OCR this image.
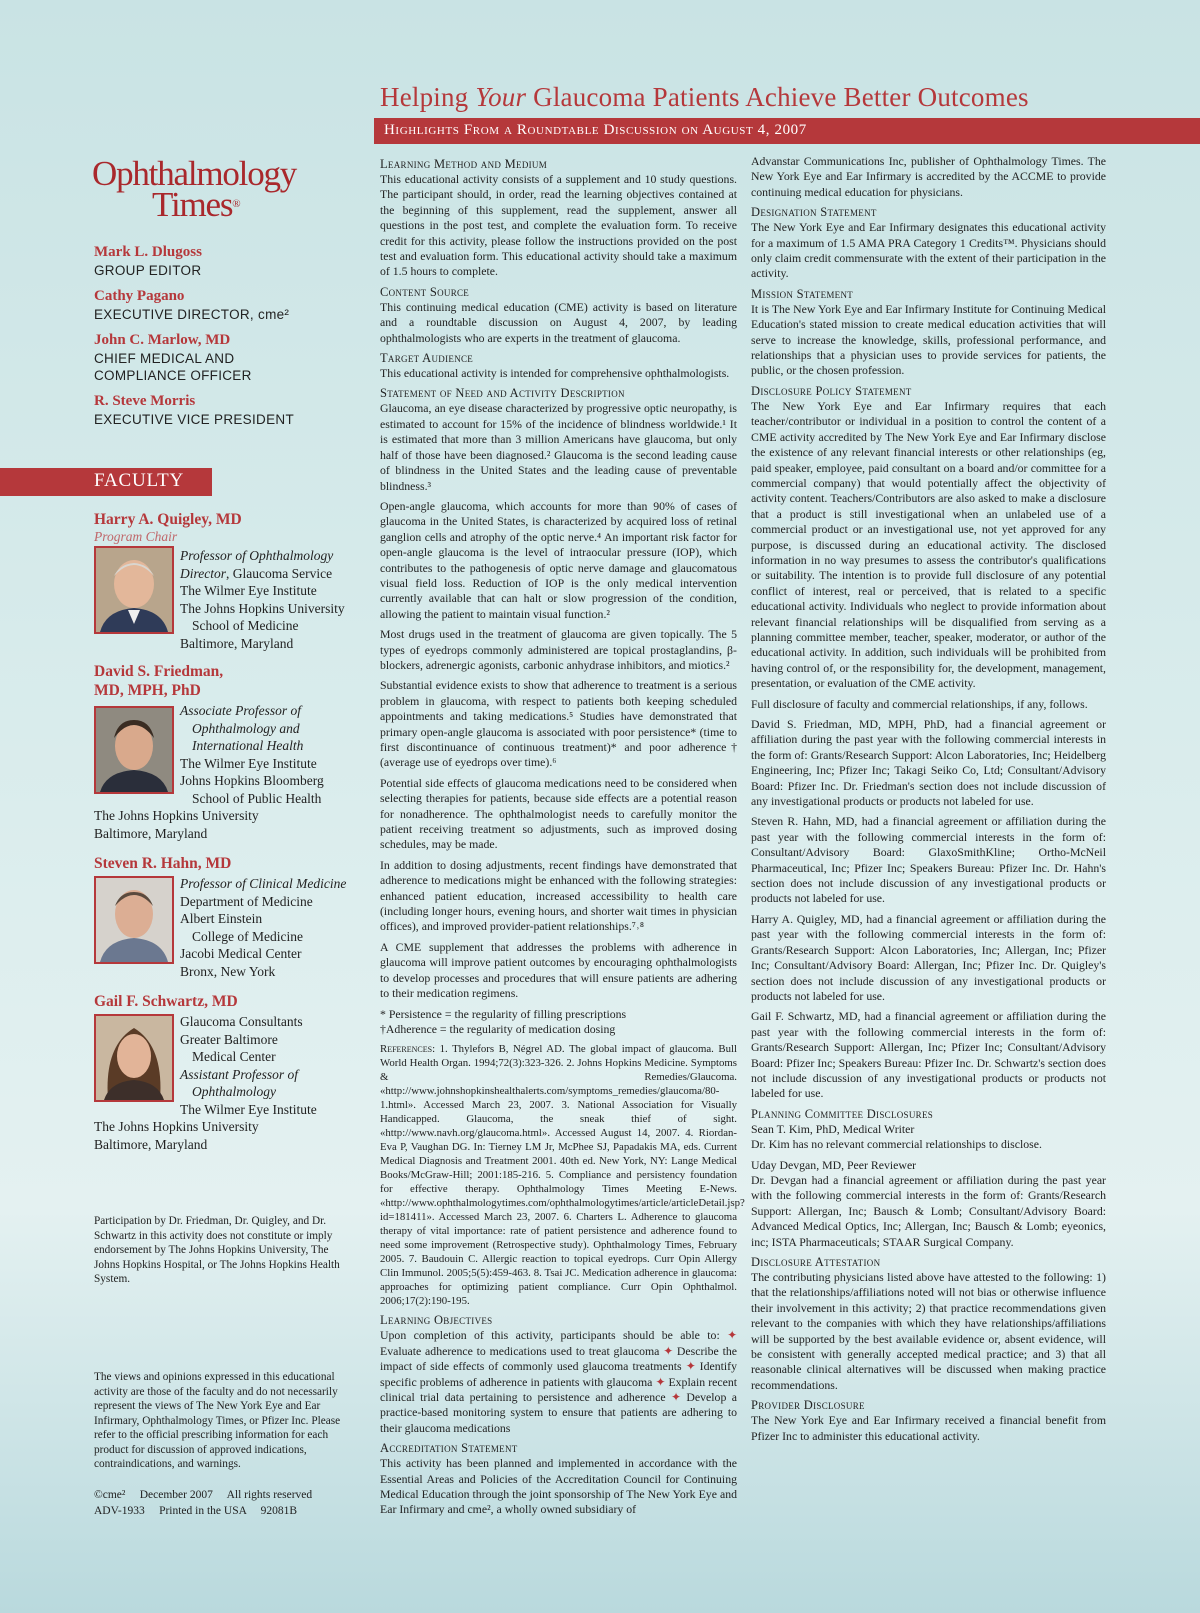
Helping Your Glaucoma Patients Achieve Better Outcomes
Highlights From a Roundtable Discussion on August 4, 2007
Ophthalmology
Times®
Mark L. Dlugoss
GROUP EDITOR
Cathy Pagano
EXECUTIVE DIRECTOR, cme²
John C. Marlow, MD
CHIEF MEDICAL AND COMPLIANCE OFFICER
R. Steve Morris
EXECUTIVE VICE PRESIDENT
FACULTY
Harry A. Quigley, MD
Program Chair
Professor of Ophthalmology
Director, Glaucoma Service
The Wilmer Eye Institute
The Johns Hopkins University
School of Medicine
Baltimore, Maryland
David S. Friedman,
MD, MPH, PhD
Associate Professor of
Ophthalmology and
International Health
The Wilmer Eye Institute
Johns Hopkins Bloomberg
School of Public Health
The Johns Hopkins University
Baltimore, Maryland
Steven R. Hahn, MD
Professor of Clinical Medicine
Department of Medicine
Albert Einstein
College of Medicine
Jacobi Medical Center
Bronx, New York
Gail F. Schwartz, MD
Glaucoma Consultants
Greater Baltimore
Medical Center
Assistant Professor of
Ophthalmology
The Wilmer Eye Institute
The Johns Hopkins University
Baltimore, Maryland
Participation by Dr. Friedman, Dr. Quigley, and Dr. Schwartz in this activity does not constitute or imply endorsement by The Johns Hopkins University, The Johns Hopkins Hospital, or The Johns Hopkins Health System.
The views and opinions expressed in this educational activity are those of the faculty and do not necessarily represent the views of The New York Eye and Ear Infirmary, Ophthalmology Times, or Pfizer Inc. Please refer to the official prescribing information for each product for discussion of approved indications, contraindications, and warnings.
©cme²     December 2007     All rights reserved
ADV-1933     Printed in the USA     92081B
Learning Method and Medium

This educational activity consists of a supplement and 10 study questions. The participant should, in order, read the learning objectives contained at the beginning of this supplement, read the supplement, answer all questions in the post test, and complete the evaluation form. To receive credit for this activity, please follow the instructions provided on the post test and evaluation form. This educational activity should take a maximum of 1.5 hours to complete.

Content Source

This continuing medical education (CME) activity is based on literature and a roundtable discussion on August 4, 2007, by leading ophthalmologists who are experts in the treatment of glaucoma.

Target Audience

This educational activity is intended for comprehensive ophthalmologists.

Statement of Need and Activity Description

Glaucoma, an eye disease characterized by progressive optic neuropathy, is estimated to account for 15% of the incidence of blindness worldwide.¹ It is estimated that more than 3 million Americans have glaucoma, but only half of those have been diagnosed.² Glaucoma is the second leading cause of blindness in the United States and the leading cause of preventable blindness.³

Open-angle glaucoma, which accounts for more than 90% of cases of glaucoma in the United States, is characterized by acquired loss of retinal ganglion cells and atrophy of the optic nerve.⁴ An important risk factor for open-angle glaucoma is the level of intraocular pressure (IOP), which contributes to the pathogenesis of optic nerve damage and glaucomatous visual field loss. Reduction of IOP is the only medical intervention currently available that can halt or slow progression of the condition, allowing the patient to maintain visual function.²

Most drugs used in the treatment of glaucoma are given topically. The 5 types of eyedrops commonly administered are topical prostaglandins, β-blockers, adrenergic agonists, carbonic anhydrase inhibitors, and miotics.²

Substantial evidence exists to show that adherence to treatment is a serious problem in glaucoma, with respect to patients both keeping scheduled appointments and taking medications.⁵ Studies have demonstrated that primary open-angle glaucoma is associated with poor persistence* (time to first discontinuance of continuous treatment)* and poor adherence† (average use of eyedrops over time).⁶

Potential side effects of glaucoma medications need to be considered when selecting therapies for patients, because side effects are a potential reason for nonadherence. The ophthalmologist needs to carefully monitor the patient receiving treatment so adjustments, such as improved dosing schedules, may be made.

In addition to dosing adjustments, recent findings have demonstrated that adherence to medications might be enhanced with the following strategies: enhanced patient education, increased accessibility to health care (including longer hours, evening hours, and shorter wait times in physician offices), and improved provider-patient relationships.⁷˒⁸

A CME supplement that addresses the problems with adherence in glaucoma will improve patient outcomes by encouraging ophthalmologists to develop processes and procedures that will ensure patients are adhering to their medication regimens.

* Persistence = the regularity of filling prescriptions
†Adherence = the regularity of medication dosing

References: 1. Thylefors B, Négrel AD. The global impact of glaucoma. Bull World Health Organ. 1994;72(3):323-326. 2. Johns Hopkins Medicine. Symptoms & Remedies/Glaucoma. «http://www.johnshopkinshealthalerts.com/symptoms_remedies/glaucoma/80-1.html». Accessed March 23, 2007. 3. National Association for Visually Handicapped. Glaucoma, the sneak thief of sight. «http://www.navh.org/glaucoma.html». Accessed August 14, 2007. 4. Riordan-Eva P, Vaughan DG. In: Tierney LM Jr, McPhee SJ, Papadakis MA, eds. Current Medical Diagnosis and Treatment 2001. 40th ed. New York, NY: Lange Medical Books/McGraw-Hill; 2001:185-216. 5. Compliance and persistency foundation for effective therapy. Ophthalmology Times Meeting E-News. «http://www.ophthalmologytimes.com/ophthalmologytimes/article/articleDetail.jsp?id=181411». Accessed March 23, 2007. 6. Charters L. Adherence to glaucoma therapy of vital importance: rate of patient persistence and adherence found to need some improvement (Retrospective study). Ophthalmology Times, February 2005. 7. Baudouin C. Allergic reaction to topical eyedrops. Curr Opin Allergy Clin Immunol. 2005;5(5):459-463. 8. Tsai JC. Medication adherence in glaucoma: approaches for optimizing patient compliance. Curr Opin Ophthalmol. 2006;17(2):190-195.

Learning Objectives

Upon completion of this activity, participants should be able to: ✦ Evaluate adherence to medications used to treat glaucoma ✦ Describe the impact of side effects of commonly used glaucoma treatments ✦ Identify specific problems of adherence in patients with glaucoma ✦ Explain recent clinical trial data pertaining to persistence and adherence ✦ Develop a practice-based monitoring system to ensure that patients are adhering to their glaucoma medications

Accreditation Statement

This activity has been planned and implemented in accordance with the Essential Areas and Policies of the Accreditation Council for Continuing Medical Education through the joint sponsorship of The New York Eye and Ear Infirmary and cme², a wholly owned subsidiary of

Advanstar Communications Inc, publisher of Ophthalmology Times. The New York Eye and Ear Infirmary is accredited by the ACCME to provide continuing medical education for physicians.

Designation Statement

The New York Eye and Ear Infirmary designates this educational activity for a maximum of 1.5 AMA PRA Category 1 Credits™. Physicians should only claim credit commensurate with the extent of their participation in the activity.

Mission Statement

It is The New York Eye and Ear Infirmary Institute for Continuing Medical Education's stated mission to create medical education activities that will serve to increase the knowledge, skills, professional performance, and relationships that a physician uses to provide services for patients, the public, or the chosen profession.

Disclosure Policy Statement

The New York Eye and Ear Infirmary requires that each teacher/contributor or individual in a position to control the content of a CME activity accredited by The New York Eye and Ear Infirmary disclose the existence of any relevant financial interests or other relationships (eg, paid speaker, employee, paid consultant on a board and/or committee for a commercial company) that would potentially affect the objectivity of activity content. Teachers/Contributors are also asked to make a disclosure that a product is still investigational when an unlabeled use of a commercial product or an investigational use, not yet approved for any purpose, is discussed during an educational activity. The disclosed information in no way presumes to assess the contributor's qualifications or suitability. The intention is to provide full disclosure of any potential conflict of interest, real or perceived, that is related to a specific educational activity. Individuals who neglect to provide information about relevant financial relationships will be disqualified from serving as a planning committee member, teacher, speaker, moderator, or author of the educational activity. In addition, such individuals will be prohibited from having control of, or the responsibility for, the development, management, presentation, or evaluation of the CME activity.

Full disclosure of faculty and commercial relationships, if any, follows.

David S. Friedman, MD, MPH, PhD, had a financial agreement or affiliation during the past year with the following commercial interests in the form of: Grants/Research Support: Alcon Laboratories, Inc; Heidelberg Engineering, Inc; Pfizer Inc; Takagi Seiko Co, Ltd; Consultant/Advisory Board: Pfizer Inc. Dr. Friedman's section does not include discussion of any investigational products or products not labeled for use.

Steven R. Hahn, MD, had a financial agreement or affiliation during the past year with the following commercial interests in the form of: Consultant/Advisory Board: GlaxoSmithKline; Ortho-McNeil Pharmaceutical, Inc; Pfizer Inc; Speakers Bureau: Pfizer Inc. Dr. Hahn's section does not include discussion of any investigational products or products not labeled for use.

Harry A. Quigley, MD, had a financial agreement or affiliation during the past year with the following commercial interests in the form of: Grants/Research Support: Alcon Laboratories, Inc; Allergan, Inc; Pfizer Inc; Consultant/Advisory Board: Allergan, Inc; Pfizer Inc. Dr. Quigley's section does not include discussion of any investigational products or products not labeled for use.

Gail F. Schwartz, MD, had a financial agreement or affiliation during the past year with the following commercial interests in the form of: Grants/Research Support: Allergan, Inc; Pfizer Inc; Consultant/Advisory Board: Pfizer Inc; Speakers Bureau: Pfizer Inc. Dr. Schwartz's section does not include discussion of any investigational products or products not labeled for use.

Planning Committee Disclosures
Sean T. Kim, PhD, Medical Writer

Dr. Kim has no relevant commercial relationships to disclose.

Uday Devgan, MD, Peer Reviewer

Dr. Devgan had a financial agreement or affiliation during the past year with the following commercial interests in the form of: Grants/Research Support: Allergan, Inc; Bausch & Lomb; Consultant/Advisory Board: Advanced Medical Optics, Inc; Allergan, Inc; Bausch & Lomb; eyeonics, inc; ISTA Pharmaceuticals; STAAR Surgical Company.

Disclosure Attestation

The contributing physicians listed above have attested to the following: 1) that the relationships/affiliations noted will not bias or otherwise influence their involvement in this activity; 2) that practice recommendations given relevant to the companies with which they have relationships/affiliations will be supported by the best available evidence or, absent evidence, will be consistent with generally accepted medical practice; and 3) that all reasonable clinical alternatives will be discussed when making practice recommendations.

Provider Disclosure

The New York Eye and Ear Infirmary received a financial benefit from Pfizer Inc to administer this educational activity.
